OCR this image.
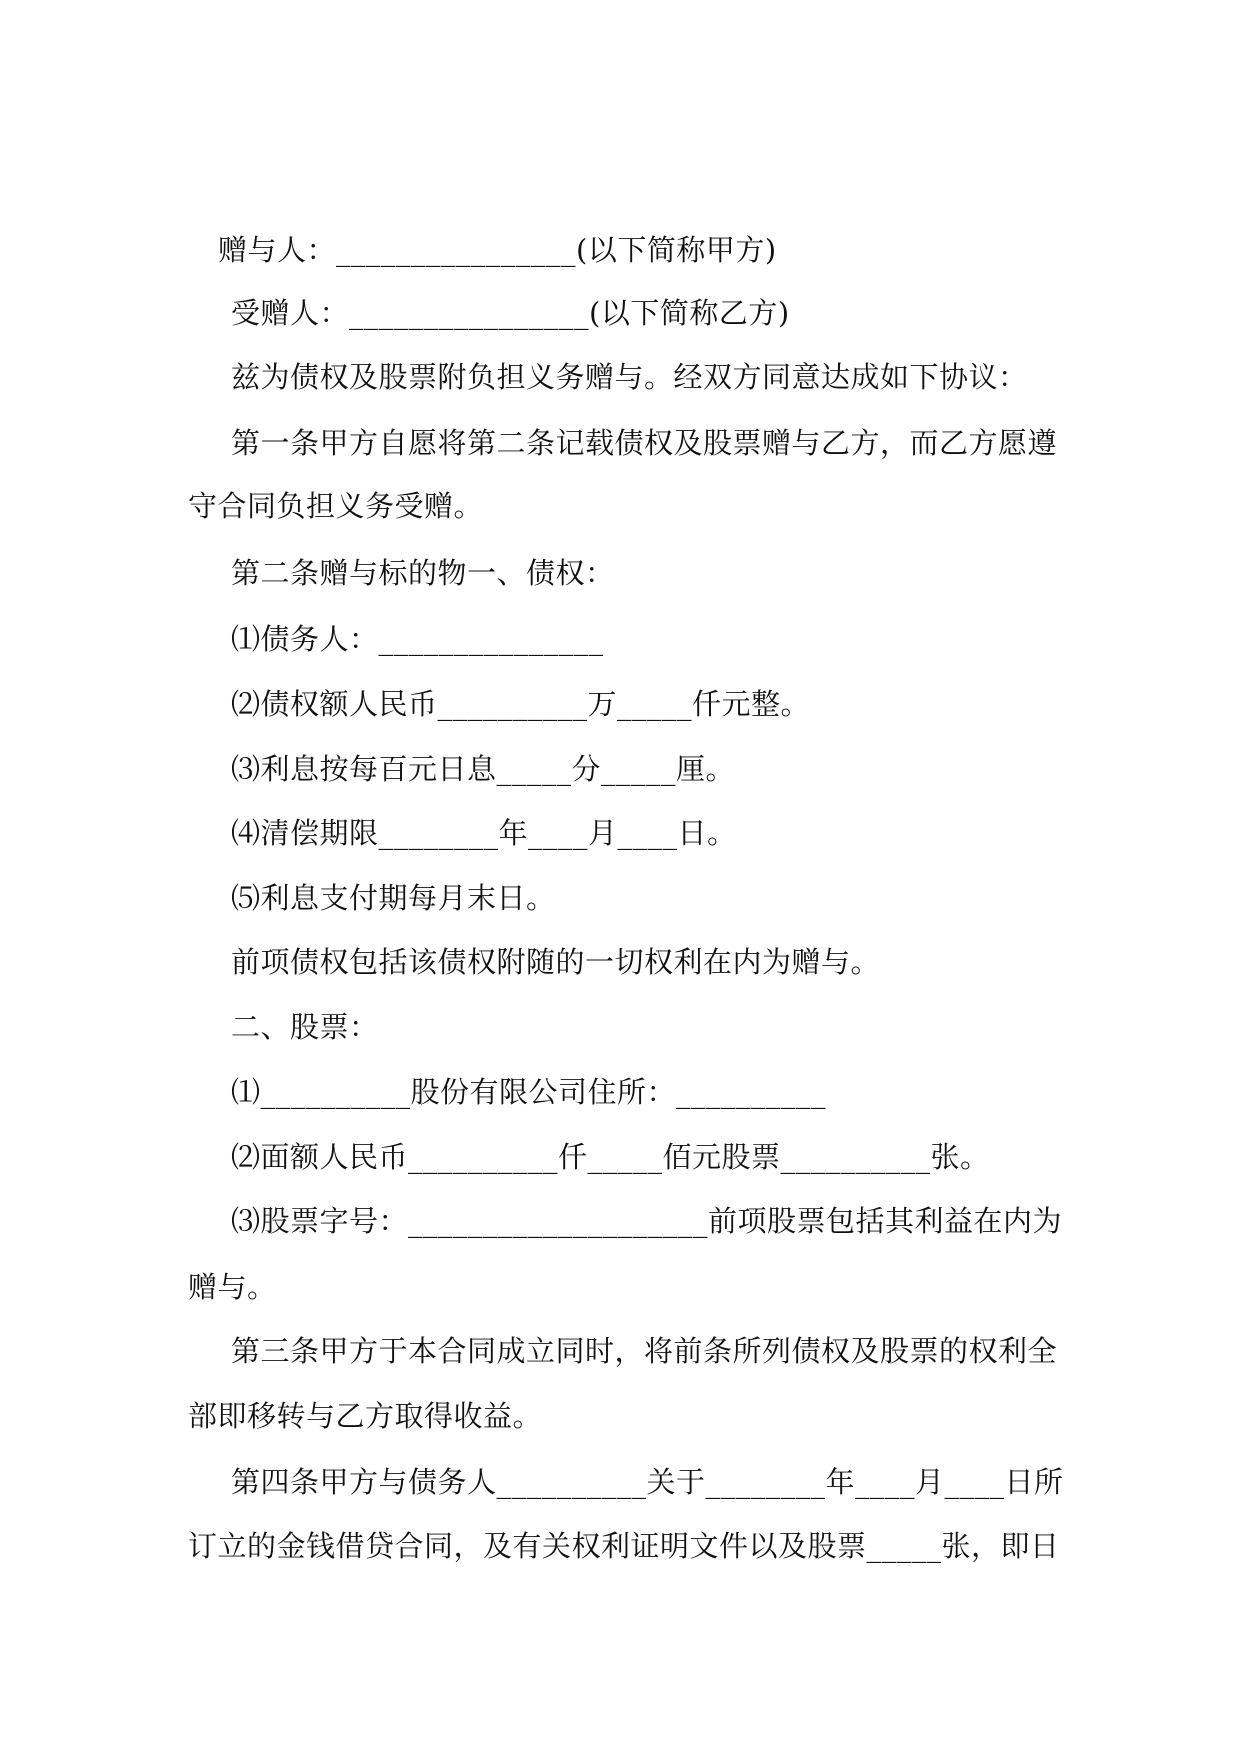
赠与人：________________(以下简称甲方)
受赠人：________________(以下简称乙方)
兹为债权及股票附负担义务赠与。经双方同意达成如下协议：
第一条甲方自愿将第二条记载债权及股票赠与乙方，而乙方愿遵
守合同负担义务受赠。
第二条赠与标的物一、债权：
⑴债务人：_______________
⑵债权额人民币__________万_____仟元整。
⑶利息按每百元日息_____分_____厘。
⑷清偿期限________年____月____日。
⑸利息支付期每月末日。
前项债权包括该债权附随的一切权利在内为赠与。
二、股票：
⑴__________股份有限公司住所：__________
⑵面额人民币__________仟_____佰元股票__________张。
⑶股票字号：____________________前项股票包括其利益在内为
赠与。
第三条甲方于本合同成立同时，将前条所列债权及股票的权利全
部即移转与乙方取得收益。
第四条甲方与债务人__________关于________年____月____日所
订立的金钱借贷合同，及有关权利证明文件以及股票_____张，即日
